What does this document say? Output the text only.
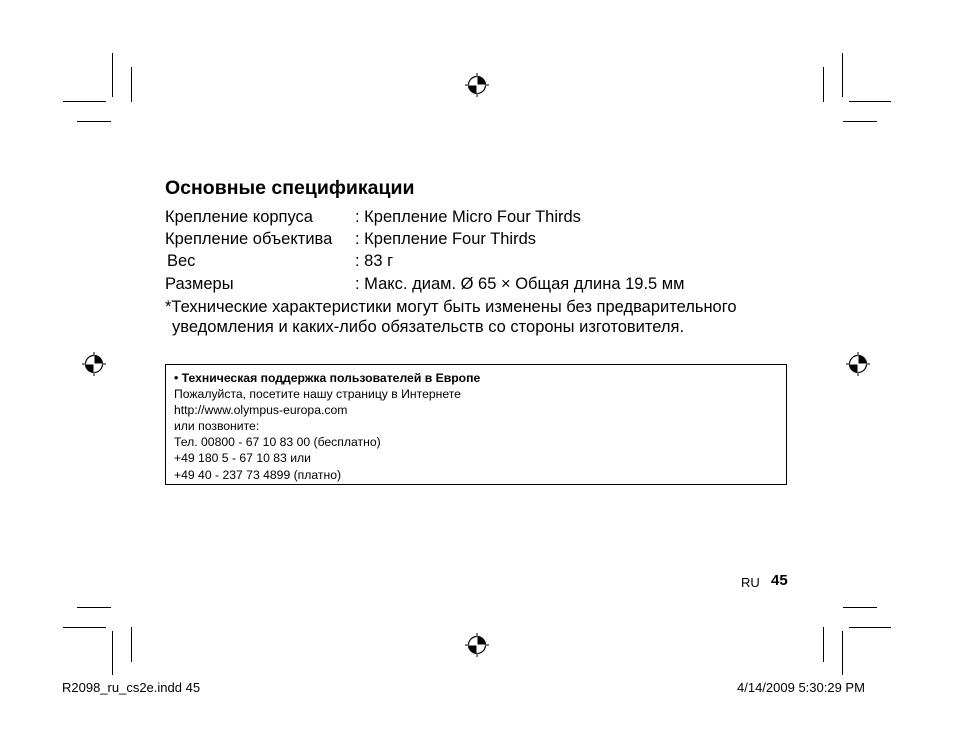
Основные спецификации
Крепление корпуса	: Крепление Micro Four Thirds
Крепление объектива : Крепление Four Thirds
Вес	: 83 г
Размеры	: Макс. диам. Ø 65 × Общая длина 19.5 мм
*Технические характеристики могут быть изменены без предварительного
уведомления и каких-либо обязательств со стороны изготовителя.
• Техническая поддержка пользователей в Европе
Пожалуйста, посетите нашу страницу в Интернете
http://www.olympus-europa.com
или позвоните:
Тел. 00800 - 67 10 83 00 (бесплатно)
+49 180 5 - 67 10 83 или
+49 40 - 237 73 4899 (платно)
RU 45
R2098_ru_cs2e.indd 45	4/14/2009 5:30:29 PM
